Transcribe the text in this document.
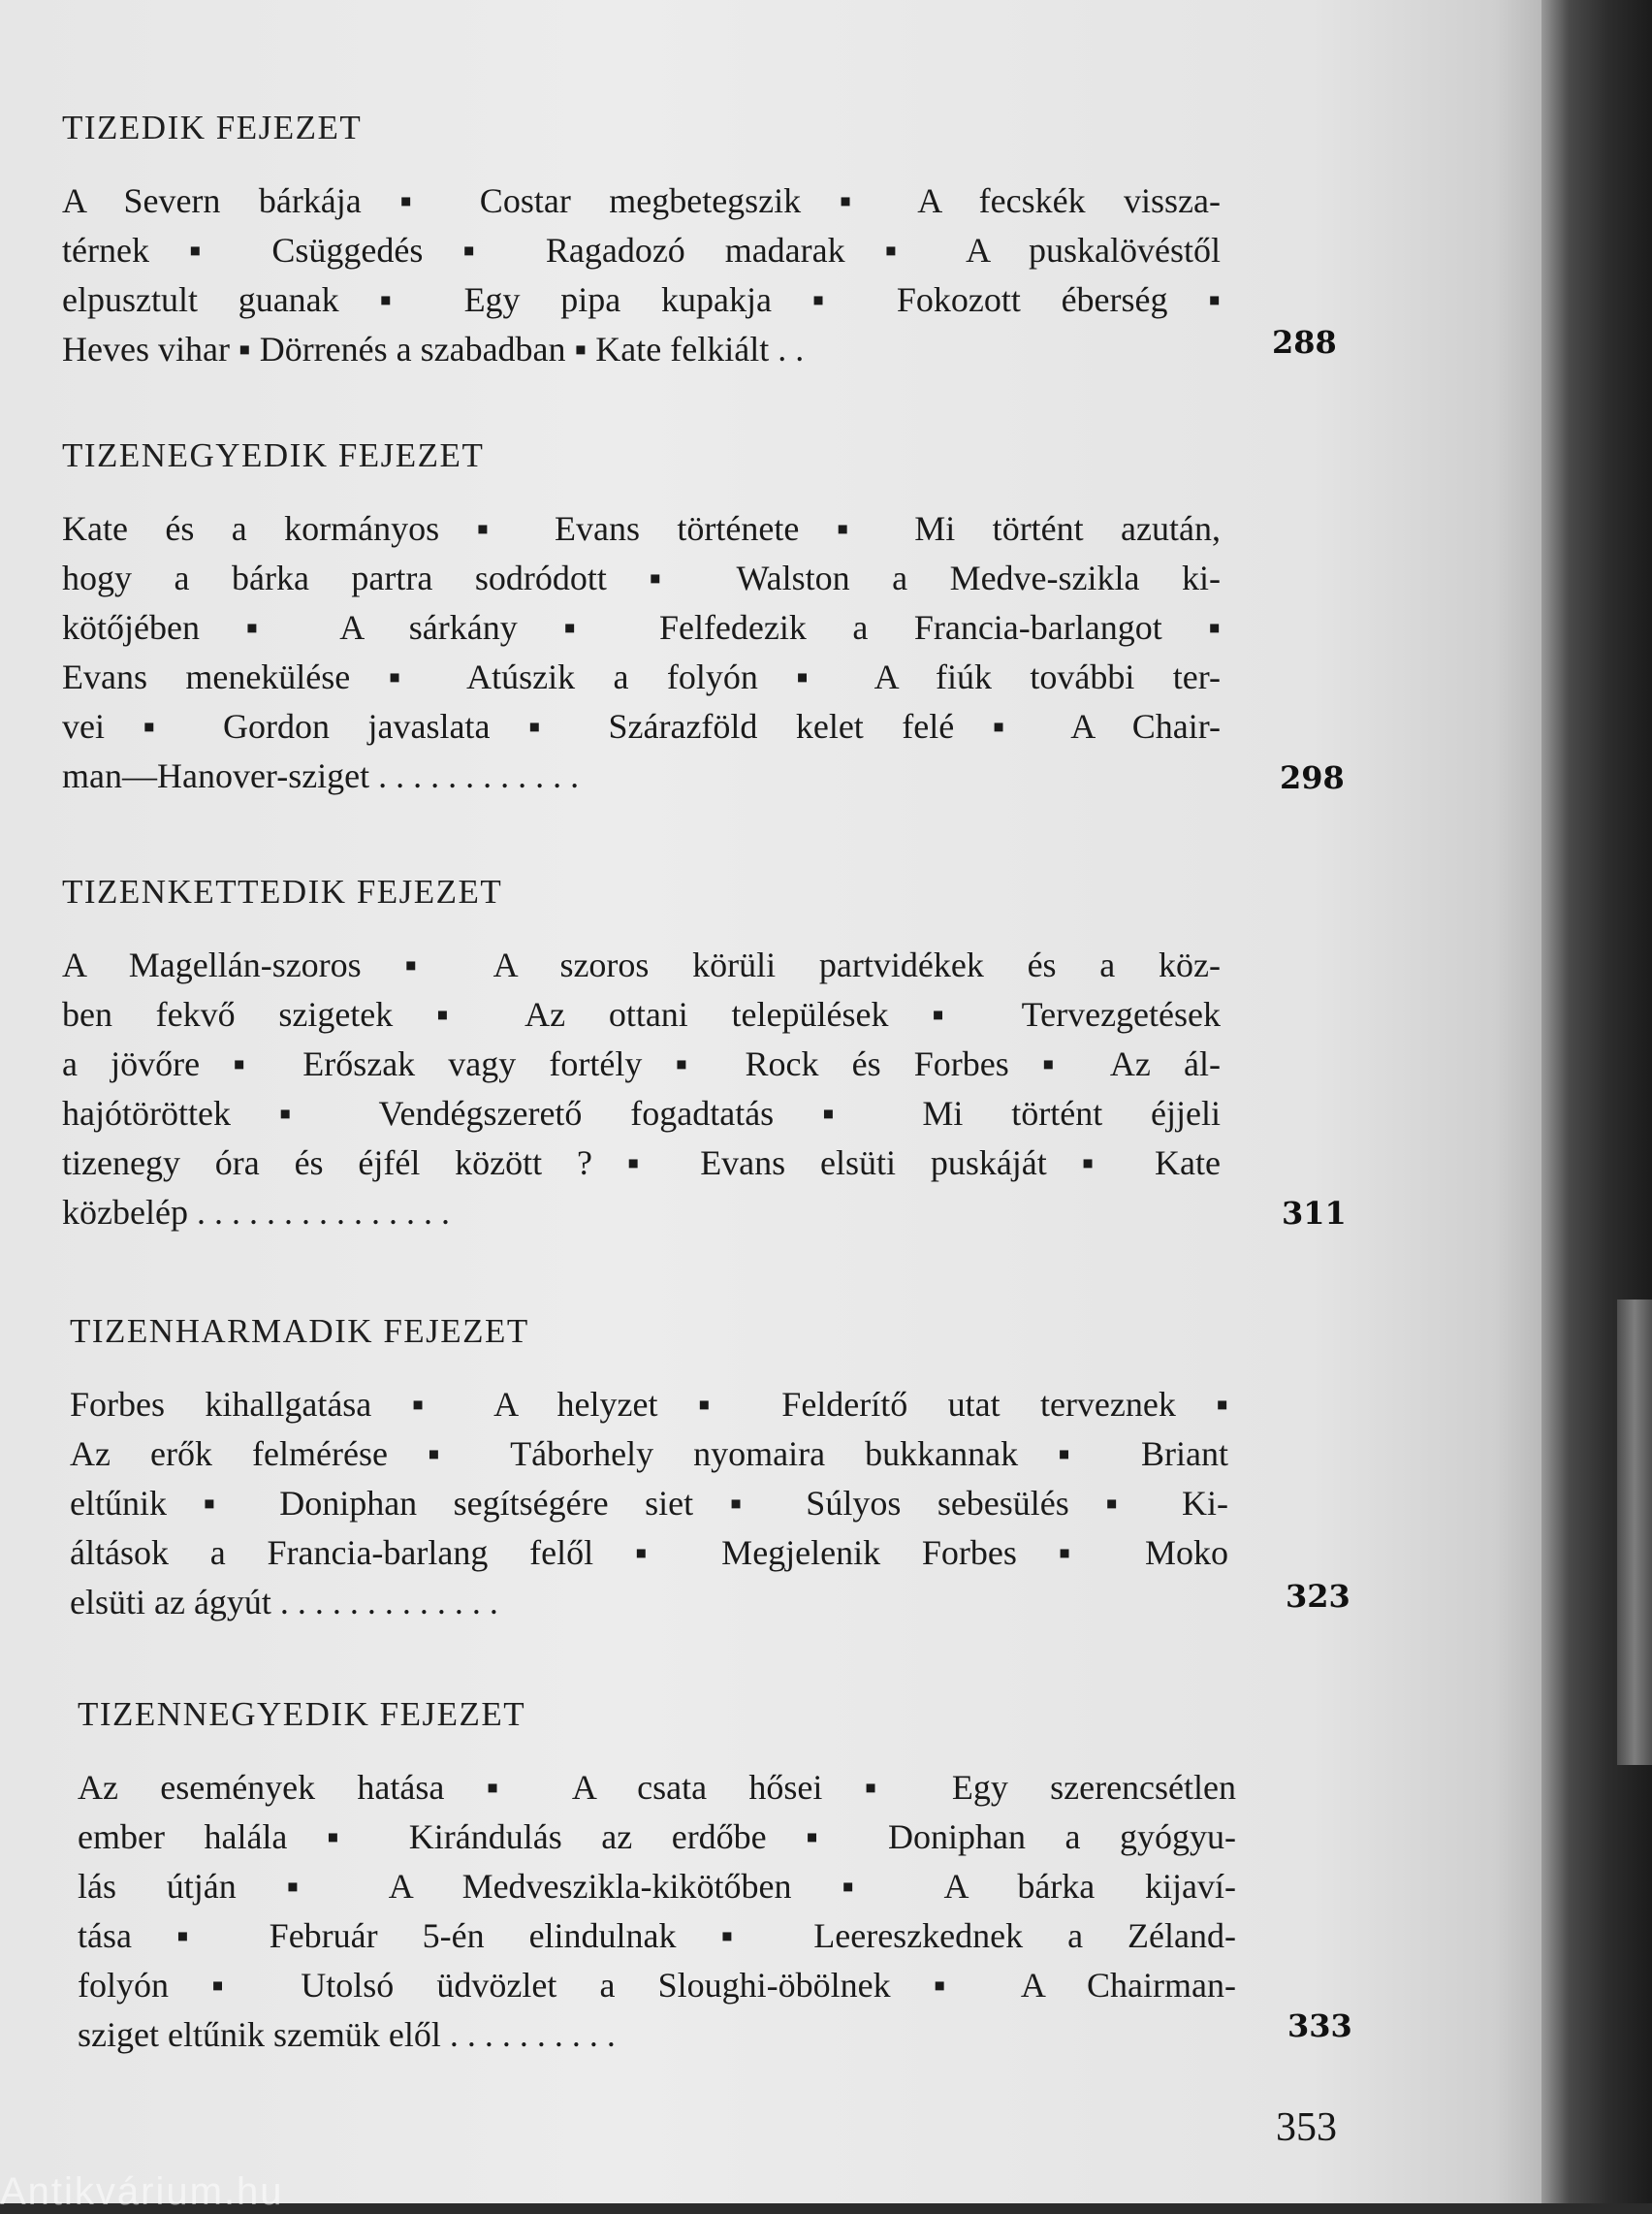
TIZEDIK FEJEZET
A Severn bárkája ▪ Costar megbetegszik ▪ A fecskék vissza-
térnek ▪ Csüggedés ▪ Ragadozó madarak ▪ A puskalövéstől
elpusztult guanak ▪ Egy pipa kupakja ▪ Fokozott éberség ▪
Heves vihar ▪ Dörrenés a szabadban ▪ Kate felkiált . .	288
TIZENEGYEDIK FEJEZET
Kate és a kormányos ▪ Evans története ▪ Mi történt azután,
hogy a bárka partra sodródott ▪ Walston a Medve-szikla ki-
kötőjében ▪ A sárkány ▪ Felfedezik a Francia-barlangot ▪
Evans menekülése ▪ Atúszik a folyón ▪ A fiúk további ter-
vei ▪ Gordon javaslata ▪ Szárazföld kelet felé ▪ A Chair-
man—Hanover-sziget . . . . . . . . . . . .	298
TIZENKETTEDIK FEJEZET
A Magellán-szoros ▪ A szoros körüli partvidékek és a köz-
ben fekvő szigetek ▪ Az ottani települések ▪ Tervezgetések
a jövőre ▪ Erőszak vagy fortély ▪ Rock és Forbes ▪ Az ál-
hajótöröttek ▪ Vendégszerető fogadtatás ▪ Mi történt éjjeli
tizenegy óra és éjfél között ? ▪ Evans elsüti puskáját ▪ Kate
közbelép . . . . . . . . . . . . . . .	311
TIZENHARMADIK FEJEZET
Forbes kihallgatása ▪ A helyzet ▪ Felderítő utat terveznek ▪
Az erők felmérése ▪ Táborhely nyomaira bukkannak ▪ Briant
eltűnik ▪ Doniphan segítségére siet ▪ Súlyos sebesülés ▪ Ki-
áltások a Francia-barlang felől ▪ Megjelenik Forbes ▪ Moko
elsüti az ágyút . . . . . . . . . . . . .	323
TIZENNEGYEDIK FEJEZET
Az események hatása ▪ A csata hősei ▪ Egy szerencsétlen
ember halála ▪ Kirándulás az erdőbe ▪ Doniphan a gyógyu-
lás útján ▪ A Medveszikla-kikötőben ▪ A bárka kijaví-
tása ▪ Február 5-én elindulnak ▪ Leereszkednek a Zéland-
folyón ▪ Utolsó üdvözlet a Sloughi-öbölnek ▪ A Chairman-
sziget eltűnik szemük elől . . . . . . . . . .	333
353
Antikvárium.hu
